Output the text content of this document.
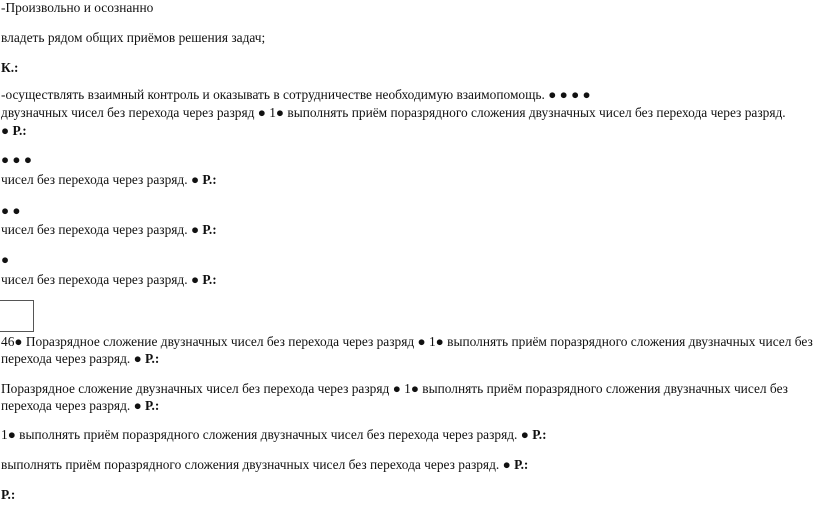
-Произвольно и осознанно
владеть рядом общих приёмов решения задач;
К.:
-осуществлять взаимный контроль и оказывать в сотрудничестве необходимую взаимопомощь. ● ● ● ●
двузначных чисел без перехода через разряд ● 1● выполнять приём поразрядного сложения двузначных чисел без перехода через разряд.
● Р.:
● ● ●
чисел без перехода через разряд. ● Р.:
● ●
чисел без перехода через разряд. ● Р.:
●
чисел без перехода через разряд. ● Р.:
46● Поразрядное сложение двузначных чисел без перехода через разряд ● 1● выполнять приём поразрядного сложения двузначных чисел без
перехода через разряд. ● Р.:
Поразрядное сложение двузначных чисел без перехода через разряд ● 1● выполнять приём поразрядного сложения двузначных чисел без
перехода через разряд. ● Р.:
1● выполнять приём поразрядного сложения двузначных чисел без перехода через разряд. ● Р.:
выполнять приём поразрядного сложения двузначных чисел без перехода через разряд. ● Р.:
Р.:
